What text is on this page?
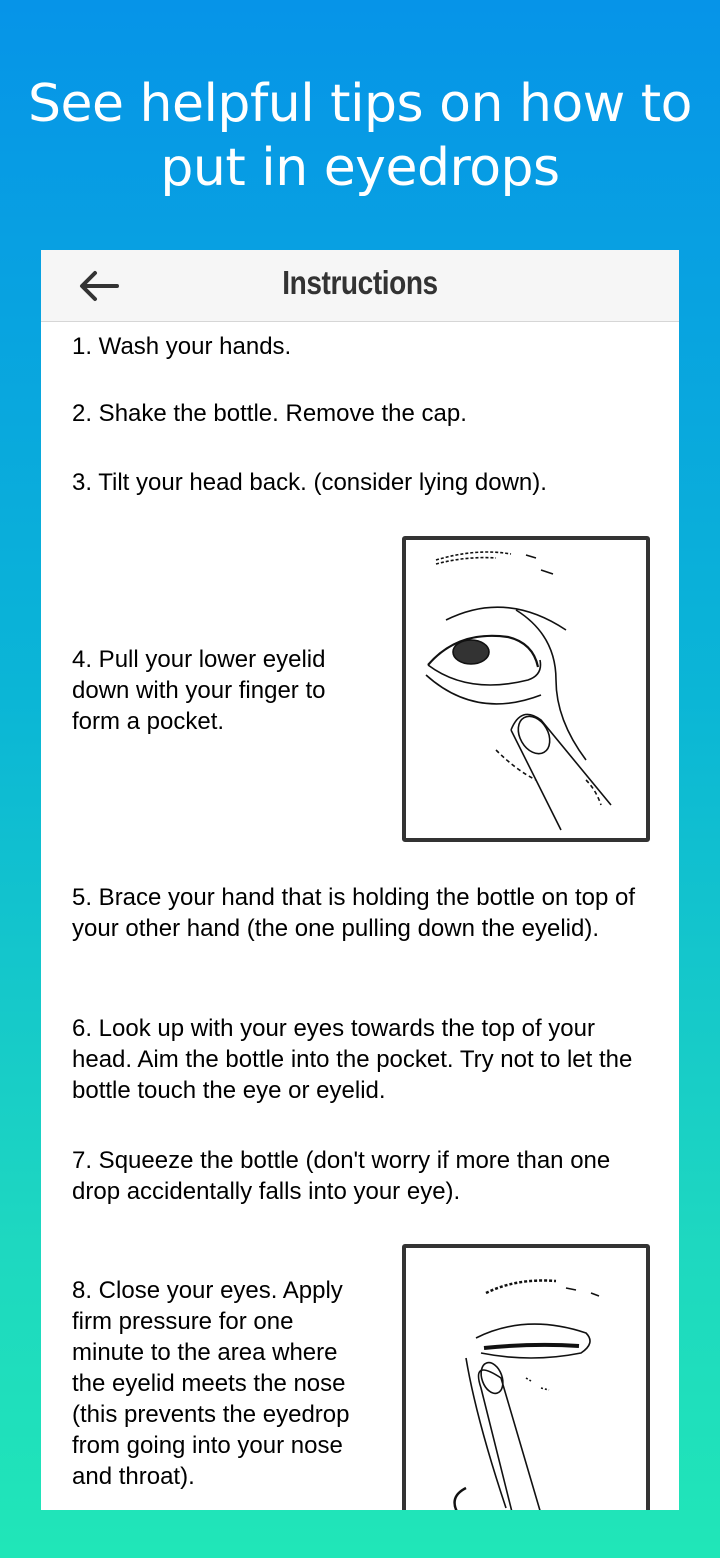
See helpful tips on how to put in eyedrops
Instructions

1. Wash your hands.

2. Shake the bottle. Remove the cap.

3. Tilt your head back. (consider lying down).

4. Pull your lower eyelid down with your finger to form a pocket.

5. Brace your hand that is holding the bottle on top of your other hand (the one pulling down the eyelid).

6. Look up with your eyes towards the top of your head. Aim the bottle into the pocket. Try not to let the bottle touch the eye or eyelid.

7. Squeeze the bottle (don't worry if more than one drop accidentally falls into your eye).

8. Close your eyes. Apply firm pressure for one minute to the area where the eyelid meets the nose (this prevents the eyedrop from going into your nose and throat).
